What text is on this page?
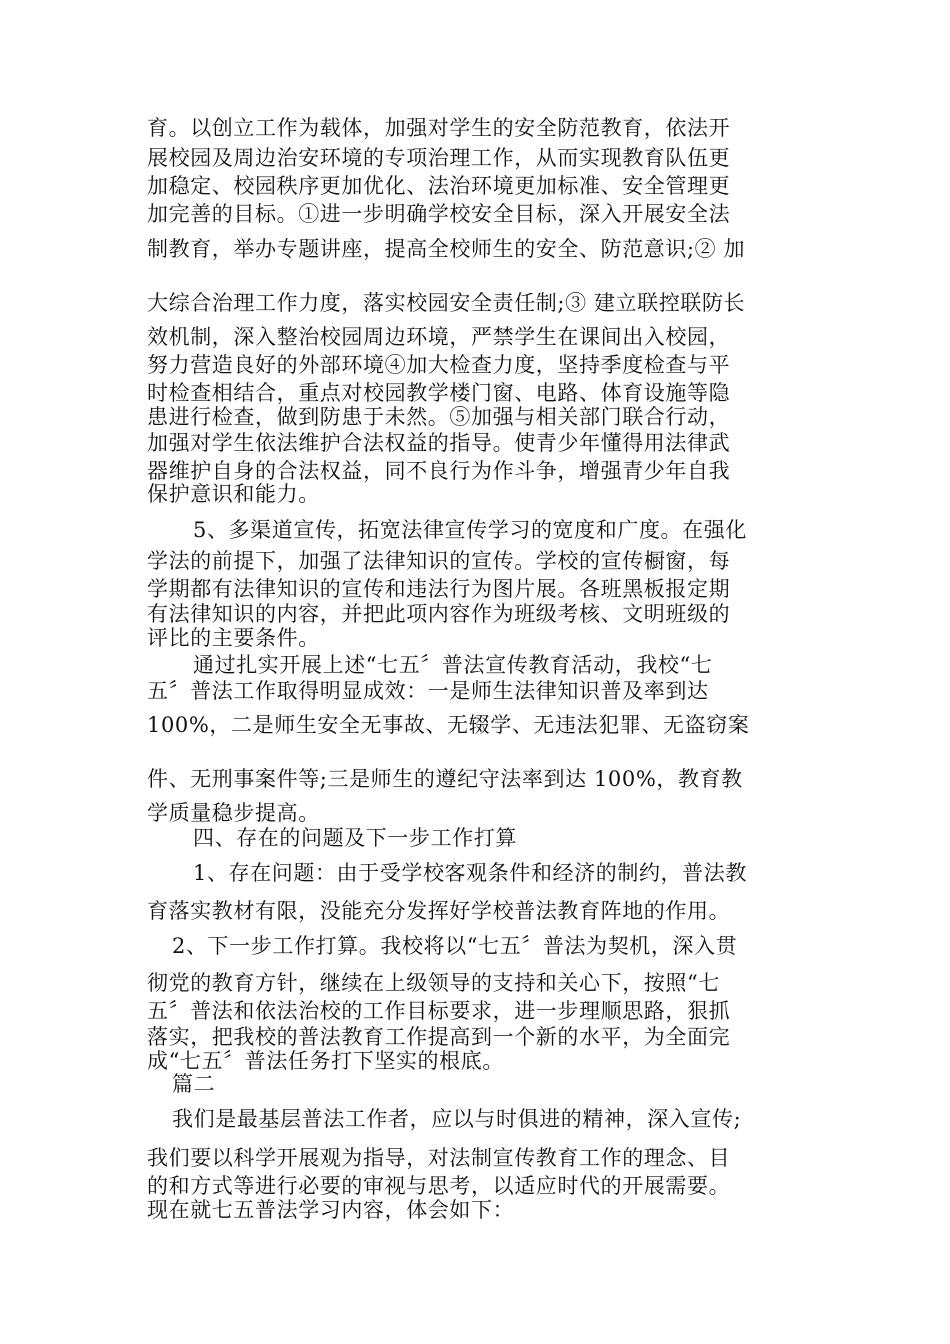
育。以创立工作为载体，加强对学生的安全防范教育，依法开
展校园及周边治安环境的专项治理工作，从而实现教育队伍更
加稳定、校园秩序更加优化、法治环境更加标准、安全管理更
加完善的目标。①进一步明确学校安全目标，深入开展安全法
制教育，举办专题讲座，提高全校师生的安全、防范意识;② 加
大综合治理工作力度，落实校园安全责任制;③ 建立联控联防长
效机制，深入整治校园周边环境，严禁学生在课间出入校园，
努力营造良好的外部环境④加大检查力度，坚持季度检查与平
时检查相结合，重点对校园教学楼门窗、电路、体育设施等隐
患进行检查，做到防患于未然。⑤加强与相关部门联合行动，
加强对学生依法维护合法权益的指导。使青少年懂得用法律武
器维护自身的合法权益，同不良行为作斗争，增强青少年自我
保护意识和能力。
5、多渠道宣传，拓宽法律宣传学习的宽度和广度。在强化
学法的前提下，加强了法律知识的宣传。学校的宣传橱窗，每
学期都有法律知识的宣传和违法行为图片展。各班黑板报定期
有法律知识的内容，并把此项内容作为班级考核、文明班级的
评比的主要条件。
通过扎实开展上述“七五〞普法宣传教育活动，我校“七
五〞普法工作取得明显成效：一是师生法律知识普及率到达
100%，二是师生安全无事故、无辍学、无违法犯罪、无盗窃案
件、无刑事案件等;三是师生的遵纪守法率到达 100%，教育教
学质量稳步提高。
四、存在的问题及下一步工作打算
1、存在问题：由于受学校客观条件和经济的制约，普法教
育落实教材有限，没能充分发挥好学校普法教育阵地的作用。
2、下一步工作打算。我校将以“七五〞普法为契机，深入贯
彻党的教育方针，继续在上级领导的支持和关心下，按照“七
五〞普法和依法治校的工作目标要求，进一步理顺思路，狠抓
落实，把我校的普法教育工作提高到一个新的水平，为全面完
成“七五〞普法任务打下坚实的根底。
篇二
我们是最基层普法工作者，应以与时俱进的精神，深入宣传;
我们要以科学开展观为指导，对法制宣传教育工作的理念、目
的和方式等进行必要的审视与思考，以适应时代的开展需要。
现在就七五普法学习内容，体会如下：
